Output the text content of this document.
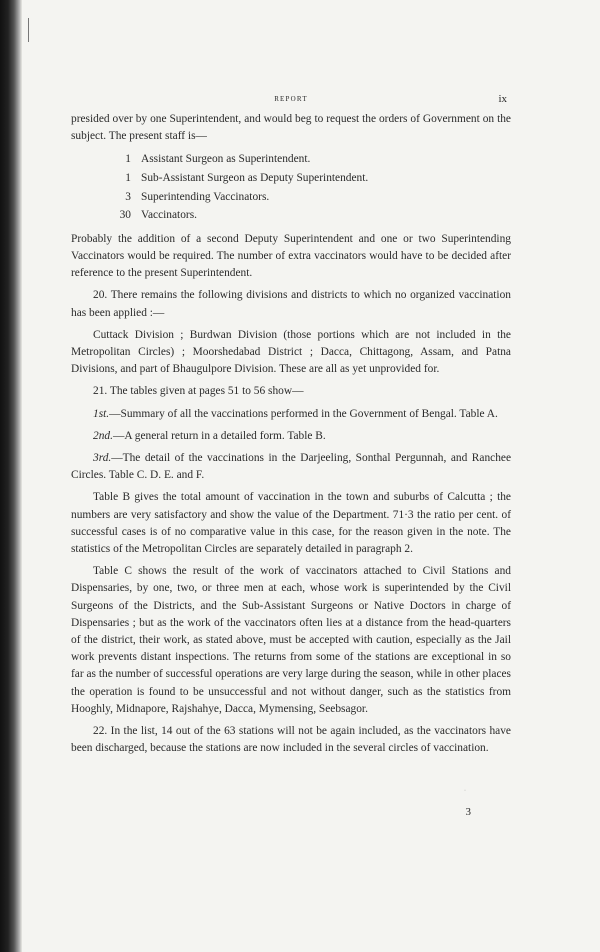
REPORT	ix

presided over by one Superintendent, and would beg to request the orders of Government on the subject. The present staff is—

1 Assistant Surgeon as Superintendent.
1 Sub-Assistant Surgeon as Deputy Superintendent.
3 Superintending Vaccinators.
30 Vaccinators.

Probably the addition of a second Deputy Superintendent and one or two Superintending Vaccinators would be required. The number of extra vaccinators would have to be decided after reference to the present Superintendent.

20. There remains the following divisions and districts to which no organized vaccination has been applied :—

Cuttack Division ; Burdwan Division (those portions which are not included in the Metropolitan Circles) ; Moorshedabad District ; Dacca, Chittagong, Assam, and Patna Divisions, and part of Bhaugulpore Division. These are all as yet unprovided for.

21. The tables given at pages 51 to 56 show—

1st.—Summary of all the vaccinations performed in the Government of Bengal. Table A.

2nd.—A general return in a detailed form. Table B.

3rd.—The detail of the vaccinations in the Darjeeling, Sonthal Pergunnah, and Ranchee Circles. Table C. D. E. and F.

Table B gives the total amount of vaccination in the town and suburbs of Calcutta ; the numbers are very satisfactory and show the value of the Department. 71·3 the ratio per cent. of successful cases is of no comparative value in this case, for the reason given in the note. The statistics of the Metropolitan Circles are separately detailed in paragraph 2.

Table C shows the result of the work of vaccinators attached to Civil Stations and Dispensaries, by one, two, or three men at each, whose work is superintended by the Civil Surgeons of the Districts, and the Sub-Assistant Surgeons or Native Doctors in charge of Dispensaries ; but as the work of the vaccinators often lies at a distance from the head-quarters of the district, their work, as stated above, must be accepted with caution, especially as the Jail work prevents distant inspections. The returns from some of the stations are exceptional in so far as the number of successful operations are very large during the season, while in other places the operation is found to be unsuccessful and not without danger, such as the statistics from Hooghly, Midnapore, Rajshahye, Dacca, Mymensing, Seebsagor.

22. In the list, 14 out of the 63 stations will not be again included, as the vaccinators have been discharged, because the stations are now included in the several circles of vaccination.

3
·
